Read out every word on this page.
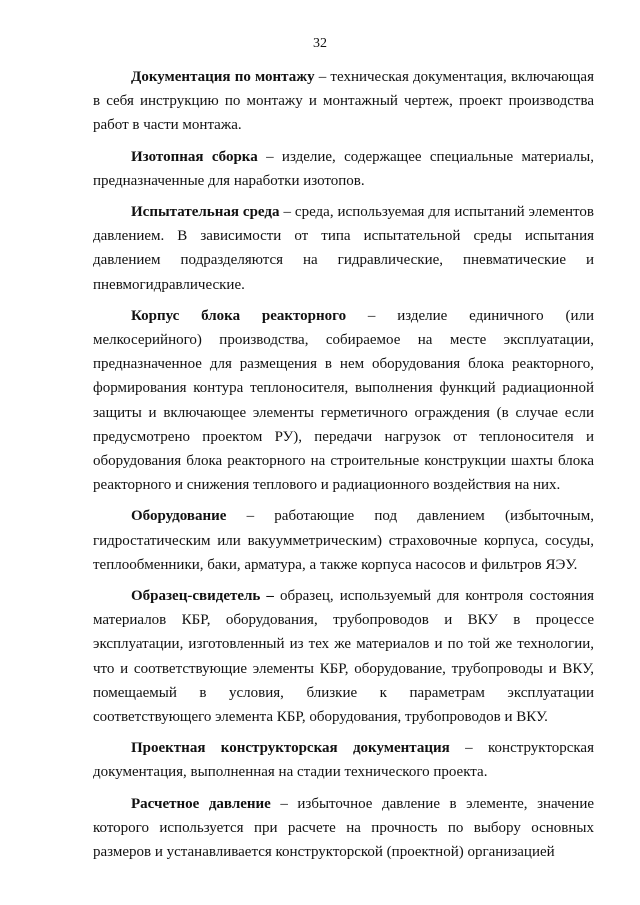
32

Документация по монтажу – техническая документация, включающая в себя инструкцию по монтажу и монтажный чертеж, проект производства работ в части монтажа.

Изотопная сборка – изделие, содержащее специальные материалы, предназначенные для наработки изотопов.

Испытательная среда – среда, используемая для испытаний элементов давлением. В зависимости от типа испытательной среды испытания давлением подразделяются на гидравлические, пневматические и пневмогидравлические.

Корпус блока реакторного – изделие единичного (или мелкосерийного) производства, собираемое на месте эксплуатации, предназначенное для размещения в нем оборудования блока реакторного, формирования контура теплоносителя, выполнения функций радиационной защиты и включающее элементы герметичного ограждения (в случае если предусмотрено проектом РУ), передачи нагрузок от теплоносителя и оборудования блока реакторного на строительные конструкции шахты блока реакторного и снижения теплового и радиационного воздействия на них.

Оборудование – работающие под давлением (избыточным, гидростатическим или вакуумметрическим) страховочные корпуса, сосуды, теплообменники, баки, арматура, а также корпуса насосов и фильтров ЯЭУ.

Образец-свидетель – образец, используемый для контроля состояния материалов КБР, оборудования, трубопроводов и ВКУ в процессе эксплуатации, изготовленный из тех же материалов и по той же технологии, что и соответствующие элементы КБР, оборудование, трубопроводы и ВКУ, помещаемый в условия, близкие к параметрам эксплуатации соответствующего элемента КБР, оборудования, трубопроводов и ВКУ.

Проектная конструкторская документация – конструкторская документация, выполненная на стадии технического проекта.

Расчетное давление – избыточное давление в элементе, значение которого используется при расчете на прочность по выбору основных размеров и устанавливается конструкторской (проектной) организацией
